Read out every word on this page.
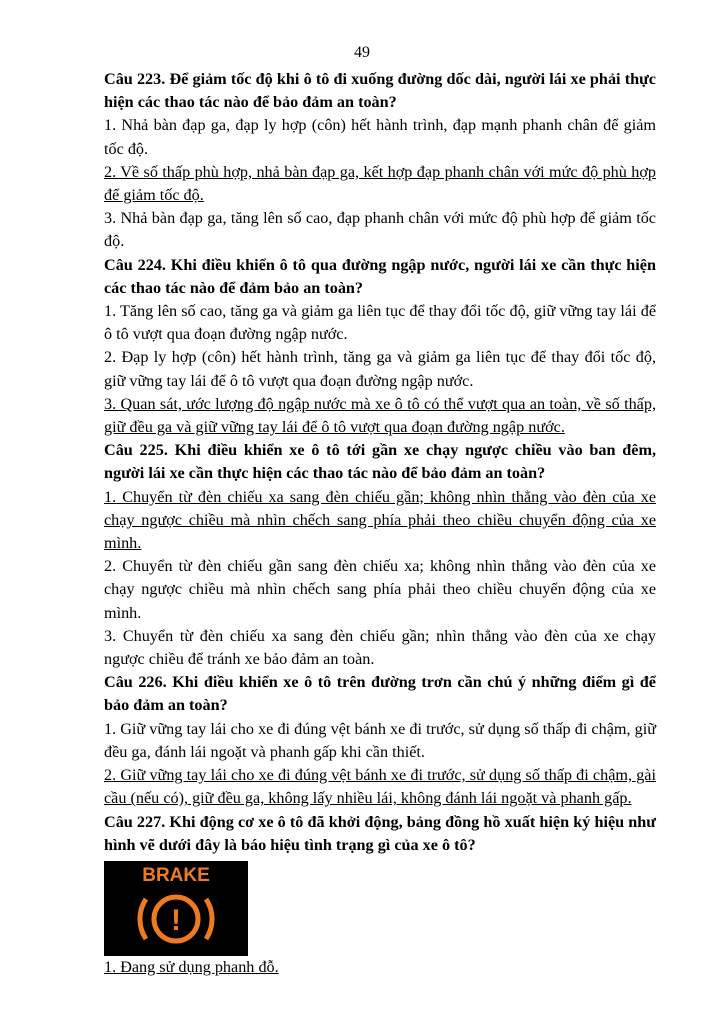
49
Câu 223. Để giảm tốc độ khi ô tô đi xuống đường dốc dài, người lái xe phải thực hiện các thao tác nào để bảo đảm an toàn?
1. Nhả bàn đạp ga, đạp ly hợp (côn) hết hành trình, đạp mạnh phanh chân để giảm tốc độ.
2. Về số thấp phù hợp, nhả bàn đạp ga, kết hợp đạp phanh chân với mức độ phù hợp để giảm tốc độ.
3. Nhả bàn đạp ga, tăng lên số cao, đạp phanh chân với mức độ phù hợp để giảm tốc độ.
Câu 224. Khi điều khiển ô tô qua đường ngập nước, người lái xe cần thực hiện các thao tác nào để đảm bảo an toàn?
1. Tăng lên số cao, tăng ga và giảm ga liên tục để thay đổi tốc độ, giữ vững tay lái để ô tô vượt qua đoạn đường ngập nước.
2. Đạp ly hợp (côn) hết hành trình, tăng ga và giảm ga liên tục để thay đổi tốc độ, giữ vững tay lái để ô tô vượt qua đoạn đường ngập nước.
3. Quan sát, ước lượng độ ngập nước mà xe ô tô có thể vượt qua an toàn, về số thấp, giữ đều ga và giữ vững tay lái để ô tô vượt qua đoạn đường ngập nước.
Câu 225. Khi điều khiển xe ô tô tới gần xe chạy ngược chiều vào ban đêm, người lái xe cần thực hiện các thao tác nào để bảo đảm an toàn?
1. Chuyển từ đèn chiếu xa sang đèn chiếu gần; không nhìn thẳng vào đèn của xe chạy ngược chiều mà nhìn chếch sang phía phải theo chiều chuyển động của xe mình.
2. Chuyển từ đèn chiếu gần sang đèn chiếu xa; không nhìn thẳng vào đèn của xe chạy ngược chiều mà nhìn chếch sang phía phải theo chiều chuyển động của xe mình.
3. Chuyển từ đèn chiếu xa sang đèn chiếu gần; nhìn thẳng vào đèn của xe chạy ngược chiều để tránh xe bảo đảm an toàn.
Câu 226. Khi điều khiển xe ô tô trên đường trơn cần chú ý những điểm gì để bảo đảm an toàn?
1. Giữ vững tay lái cho xe đi đúng vệt bánh xe đi trước, sử dụng số thấp đi chậm, giữ đều ga, đánh lái ngoặt và phanh gấp khi cần thiết.
2. Giữ vững tay lái cho xe đi đúng vệt bánh xe đi trước, sử dụng số thấp đi chậm, gài cầu (nếu có), giữ đều ga, không lấy nhiều lái, không đánh lái ngoặt và phanh gấp.
Câu 227. Khi động cơ xe ô tô đã khởi động, bảng đồng hồ xuất hiện ký hiệu như hình vẽ dưới đây là báo hiệu tình trạng gì của xe ô tô?
BRAKE
!
1. Đang sử dụng phanh đỗ.
